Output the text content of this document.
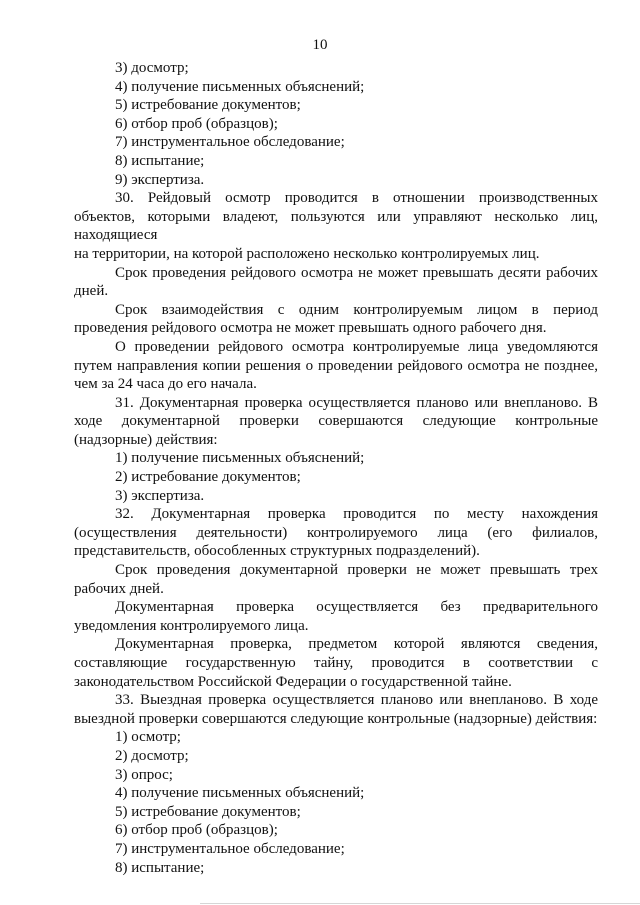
10

3) досмотр;

4) получение письменных объяснений;

5) истребование документов;

6) отбор проб (образцов);

7) инструментальное обследование;

8) испытание;

9) экспертиза.

30. Рейдовый осмотр проводится в отношении производственных объектов, которыми владеют, пользуются или управляют несколько лиц, находящиеся

на территории, на которой расположено несколько контролируемых лиц.

Срок проведения рейдового осмотра не может превышать десяти рабочих дней.

Срок взаимодействия с одним контролируемым лицом в период проведения рейдового осмотра не может превышать одного рабочего дня.

О проведении рейдового осмотра контролируемые лица уведомляются путем направления копии решения о проведении рейдового осмотра не позднее, чем за 24 часа до его начала.

31. Документарная проверка осуществляется планово или внепланово. В ходе документарной проверки совершаются следующие контрольные (надзорные) действия:

1) получение письменных объяснений;

2) истребование документов;

3) экспертиза.

32. Документарная проверка проводится по месту нахождения (осуществления деятельности) контролируемого лица (его филиалов, представительств, обособленных структурных подразделений).

Срок проведения документарной проверки не может превышать трех рабочих дней.

Документарная проверка осуществляется без предварительного уведомления контролируемого лица.

Документарная проверка, предметом которой являются сведения, составляющие государственную тайну, проводится в соответствии с законодательством Российской Федерации о государственной тайне.

33. Выездная проверка осуществляется планово или внепланово. В ходе выездной проверки совершаются следующие контрольные (надзорные) действия:

1) осмотр;

2) досмотр;

3) опрос;

4) получение письменных объяснений;

5) истребование документов;

6) отбор проб (образцов);

7) инструментальное обследование;

8) испытание;
